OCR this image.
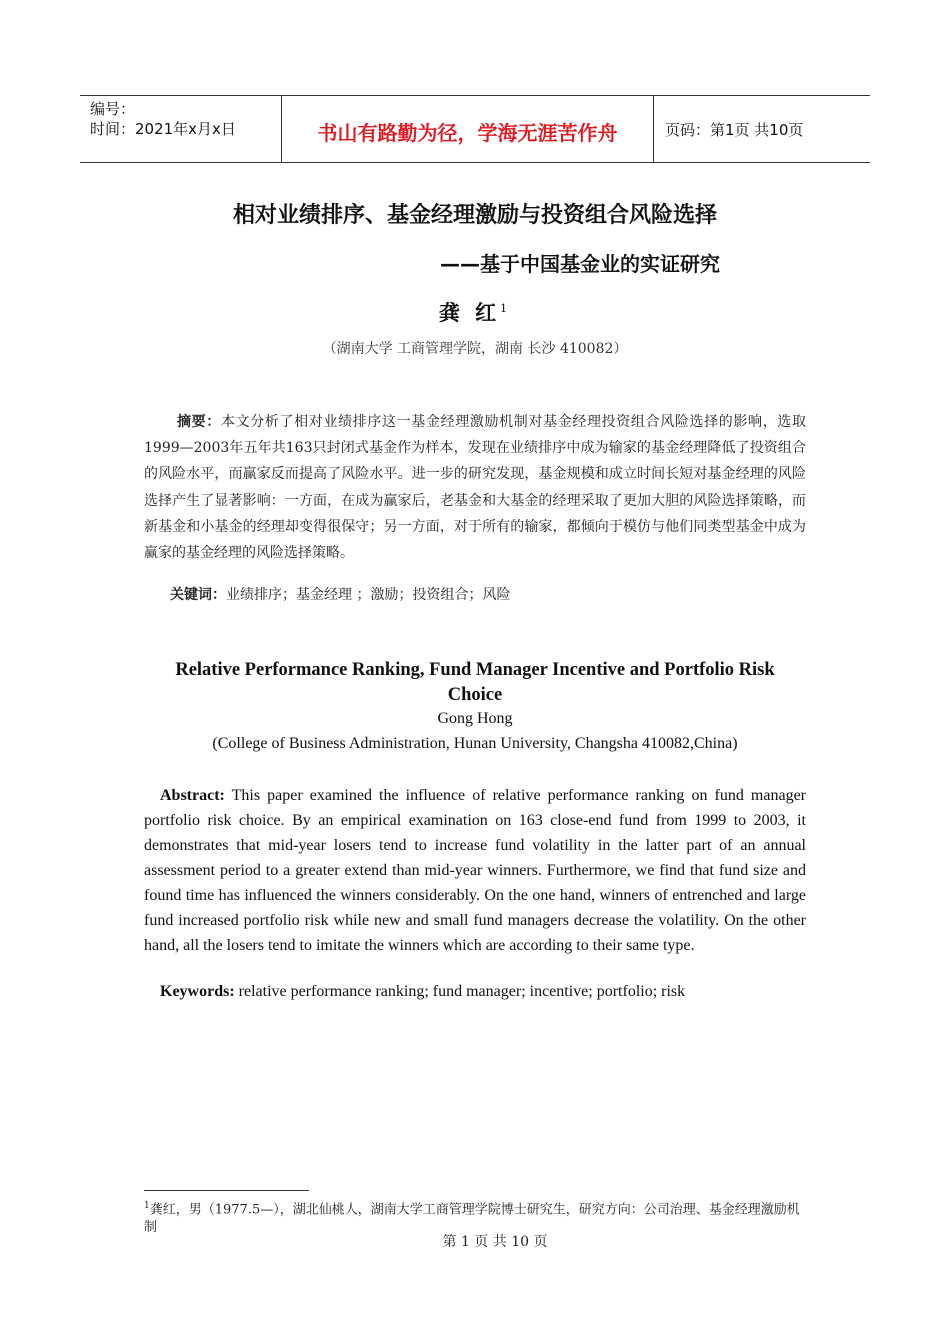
编号：
时间：2021年x月x日	书山有路勤为径，学海无涯苦作舟	页码：第1页 共10页
相对业绩排序、基金经理激励与投资组合风险选择
——基于中国基金业的实证研究
龚 红$^1$
（湖南大学 工商管理学院，湖南 长沙 410082）
摘要：本文分析了相对业绩排序这一基金经理激励机制对基金经理投资组合风险选择的影响，选取1999—2003年五年共163只封闭式基金作为样本，发现在业绩排序中成为输家的基金经理降低了投资组合的风险水平，而赢家反而提高了风险水平。进一步的研究发现，基金规模和成立时间长短对基金经理的风险选择产生了显著影响：一方面，在成为赢家后，老基金和大基金的经理采取了更加大胆的风险选择策略，而新基金和小基金的经理却变得很保守；另一方面，对于所有的输家，都倾向于模仿与他们同类型基金中成为赢家的基金经理的风险选择策略。
关键词：业绩排序；基金经理 ；激励；投资组合；风险
Relative Performance Ranking, Fund Manager Incentive and Portfolio Risk Choice
Gong Hong
(College of Business Administration, Hunan University, Changsha 410082,China)
Abstract: This paper examined the influence of relative performance ranking on fund manager portfolio risk choice. By an empirical examination on 163 close-end fund from 1999 to 2003, it demonstrates that mid-year losers tend to increase fund volatility in the latter part of an annual assessment period to a greater extend than mid-year winners. Furthermore, we find that fund size and found time has influenced the winners considerably. On the one hand, winners of entrenched and large fund increased portfolio risk while new and small fund managers decrease the volatility. On the other hand, all the losers tend to imitate the winners which are according to their same type.
Keywords: relative performance ranking; fund manager; incentive; portfolio; risk
$^1$龚红，男（1977.5—），湖北仙桃人，湖南大学工商管理学院博士研究生，研究方向：公司治理、基金经理激励机制
第 1 页 共 10 页
